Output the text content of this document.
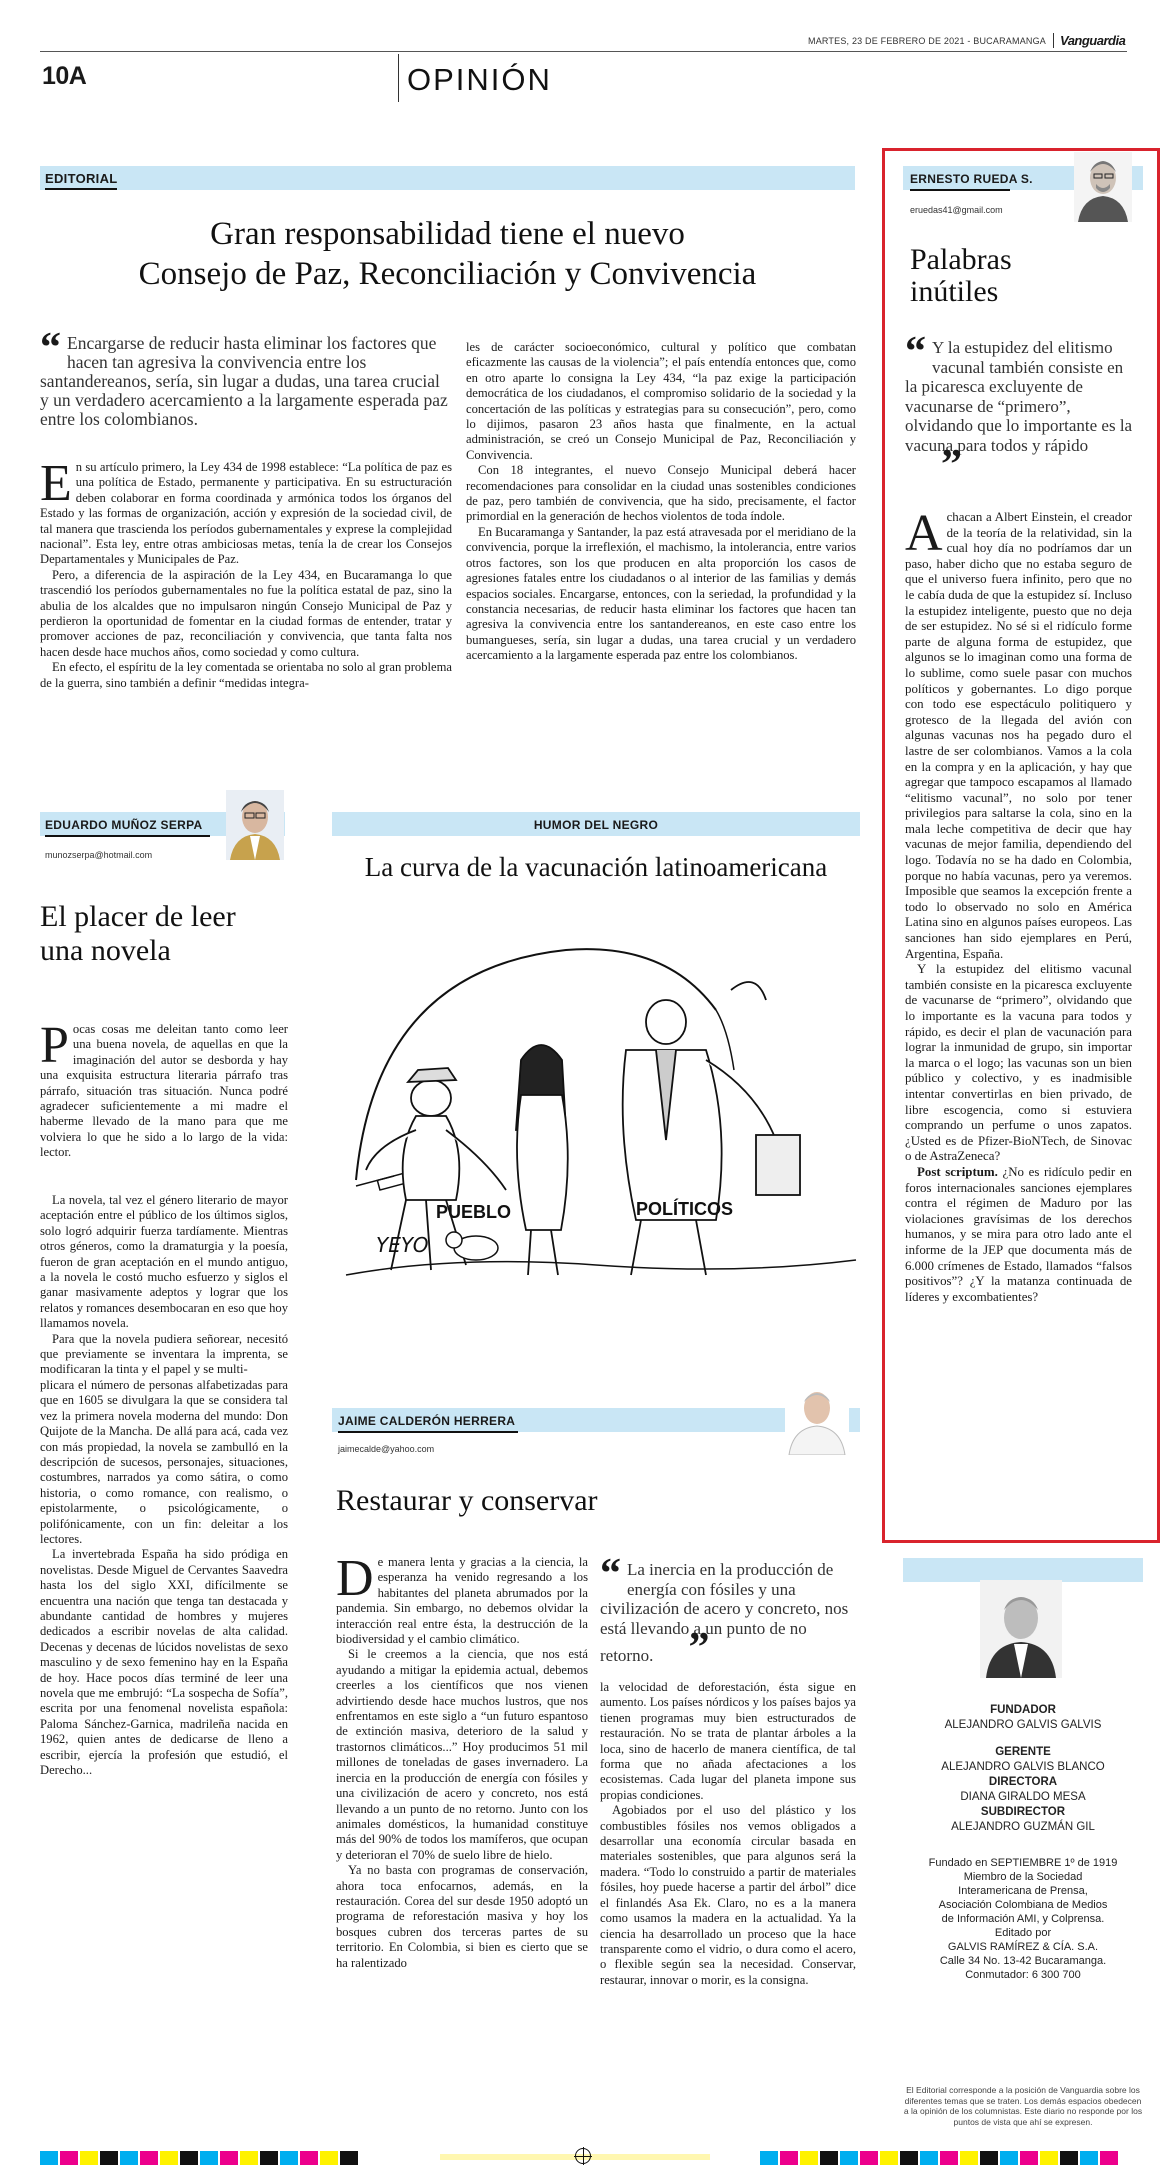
MARTES, 23 DE FEBRERO DE 2021 - BUCARAMANGA	Vanguardia
10A	OPINIÓN
EDITORIAL
Gran responsabilidad tiene el nuevo
Consejo de Paz, Reconciliación y Convivencia
“ Encargarse de reducir hasta eliminar los factores que hacen tan agresiva la convivencia entre los santandereanos, sería, sin lugar a dudas, una tarea crucial y un verdadero acercamiento a la largamente esperada paz entre los colombianos.

En su artículo primero, la Ley 434 de 1998 establece: “La política de paz es una política de Estado, permanente y participativa. En su estructuración deben colaborar en forma coordinada y armónica todos los órganos del Estado y las formas de organización, acción y expresión de la sociedad civil, de tal manera que trascienda los períodos gubernamentales y exprese la complejidad nacional”. Esta ley, entre otras ambiciosas metas, tenía la de crear los Consejos Departamentales y Municipales de Paz.

Pero, a diferencia de la aspiración de la Ley 434, en Bucaramanga lo que trascendió los períodos gubernamentales no fue la política estatal de paz, sino la abulia de los alcaldes que no impulsaron ningún Consejo Municipal de Paz y perdieron la oportunidad de fomentar en la ciudad formas de entender, tratar y promover acciones de paz, reconciliación y convivencia, que tanta falta nos hacen desde hace muchos años, como sociedad y como cultura.

En efecto, el espíritu de la ley comentada se orientaba no solo al gran problema de la guerra, sino también a definir “medidas integra-

les de carácter socioeconómico, cultural y político que combatan eficazmente las causas de la violencia”; el país entendía entonces que, como en otro aparte lo consigna la Ley 434, “la paz exige la participación democrática de los ciudadanos, el compromiso solidario de la sociedad y la concertación de las políticas y estrategias para su consecución”, pero, como lo dijimos, pasaron 23 años hasta que finalmente, en la actual administración, se creó un Consejo Municipal de Paz, Reconciliación y Convivencia.

Con 18 integrantes, el nuevo Consejo Municipal deberá hacer recomendaciones para consolidar en la ciudad unas sostenibles condiciones de paz, pero también de convivencia, que ha sido, precisamente, el factor primordial en la generación de hechos violentos de toda índole.

En Bucaramanga y Santander, la paz está atravesada por el meridiano de la convivencia, porque la irreflexión, el machismo, la intolerancia, entre varios otros factores, son los que producen en alta proporción los casos de agresiones fatales entre los ciudadanos o al interior de las familias y demás espacios sociales. Encargarse, entonces, con la seriedad, la profundidad y la constancia necesarias, de reducir hasta eliminar los factores que hacen tan agresiva la convivencia entre los santandereanos, en este caso entre los bumangueses, sería, sin lugar a dudas, una tarea crucial y un verdadero acercamiento a la largamente esperada paz entre los colombianos.

ERNESTO RUEDA S.
eruedas41@gmail.com
Palabras
inútiles
“ Y la estupidez del elitismo vacunal también consiste en la picaresca excluyente de vacunarse de “primero”, olvidando que lo importante es la vacuna para todos y rápido ”

Achacan a Albert Einstein, el creador de la teoría de la relatividad, sin la cual hoy día no podríamos dar un paso, haber dicho que no estaba seguro de que el universo fuera infinito, pero que no le cabía duda de que la estupidez sí. Incluso la estupidez inteligente, puesto que no deja de ser estupidez. No sé si el ridículo forme parte de alguna forma de estupidez, que algunos se lo imaginan como una forma de lo sublime, como suele pasar con muchos políticos y gobernantes. Lo digo porque con todo ese espectáculo politiquero y grotesco de la llegada del avión con algunas vacunas nos ha pegado duro el lastre de ser colombianos. Vamos a la cola en la compra y en la aplicación, y hay que agregar que tampoco escapamos al llamado “elitismo vacunal”, no solo por tener privilegios para saltarse la cola, sino en la mala leche competitiva de decir que hay vacunas de mejor familia, dependiendo del logo. Todavía no se ha dado en Colombia, porque no había vacunas, pero ya veremos. Imposible que seamos la excepción frente a todo lo observado no solo en América Latina sino en algunos países europeos. Las sanciones han sido ejemplares en Perú, Argentina, España.

Y la estupidez del elitismo vacunal también consiste en la picaresca excluyente de vacunarse de “primero”, olvidando que lo importante es la vacuna para todos y rápido, es decir el plan de vacunación para lograr la inmunidad de grupo, sin importar la marca o el logo; las vacunas son un bien público y colectivo, y es inadmisible intentar convertirlas en bien privado, de libre escogencia, como si estuviera comprando un perfume o unos zapatos. ¿Usted es de Pfizer-BioNTech, de Sinovac o de AstraZeneca?

Post scriptum. ¿No es ridículo pedir en foros internacionales sanciones ejemplares contra el régimen de Maduro por las violaciones gravísimas de los derechos humanos, y se mira para otro lado ante el informe de la JEP que documenta más de 6.000 crímenes de Estado, llamados “falsos positivos”? ¿Y la matanza continuada de líderes y excombatientes?

EDUARDO MUÑOZ SERPA
munozserpa@hotmail.com
El placer de leer
una novela

Pocas cosas me deleitan tanto como leer una buena novela, de aquellas en que la imaginación del autor se desborda y hay una exquisita estructura literaria párrafo tras párrafo, situación tras situación. Nunca podré agradecer suficientemente a mi madre el haberme llevado de la mano para que me volviera lo que he sido a lo largo de la vida: lector.

La novela, tal vez el género literario de mayor aceptación entre el público de los últimos siglos, solo logró adquirir fuerza tardíamente. Mientras otros géneros, como la dramaturgia y la poesía, fueron de gran aceptación en el mundo antiguo, a la novela le costó mucho esfuerzo y siglos el ganar masivamente adeptos y lograr que los relatos y romances desembocaran en eso que hoy llamamos novela.

Para que la novela pudiera señorear, necesitó que previamente se inventara la imprenta, se modificaran la tinta y el papel y se multi-

plicara el número de personas alfabetizadas para que en 1605 se divulgara la que se considera tal vez la primera novela moderna del mundo: Don Quijote de la Mancha. De allá para acá, cada vez con más propiedad, la novela se zambulló en la descripción de sucesos, personajes, situaciones, costumbres, narrados ya como sátira, o como historia, o como romance, con realismo, o epistolarmente, o psicológicamente, o polifónicamente, con un fin: deleitar a los lectores.

La invertebrada España ha sido pródiga en novelistas. Desde Miguel de Cervantes Saavedra hasta los del siglo XXI, difícilmente se encuentra una nación que tenga tan destacada y abundante cantidad de hombres y mujeres dedicados a escribir novelas de alta calidad. Decenas y decenas de lúcidos novelistas de sexo masculino y de sexo femenino hay en la España de hoy. Hace pocos días terminé de leer una novela que me embrujó: “La sospecha de Sofía”, escrita por una fenomenal novelista española: Paloma Sánchez-Garnica, madrileña nacida en 1962, quien antes de dedicarse de lleno a escribir, ejercía la profesión que estudió, el Derecho...

HUMOR DEL NEGRO
La curva de la vacunación latinoamericana
YEYO
PUEBLO	POLÍTICOS
JAIME CALDERÓN HERRERA
jaimecalde@yahoo.com
Restaurar y conservar

De manera lenta y gracias a la ciencia, la esperanza ha venido regresando a los habitantes del planeta abrumados por la pandemia. Sin embargo, no debemos olvidar la interacción real entre ésta, la destrucción de la biodiversidad y el cambio climático.

Si le creemos a la ciencia, que nos está ayudando a mitigar la epidemia actual, debemos creerles a los científicos que nos vienen advirtiendo desde hace muchos lustros, que nos enfrentamos en este siglo a “un futuro espantoso de extinción masiva, deterioro de la salud y trastornos climáticos...” Hoy producimos 51 mil millones de toneladas de gases invernadero. La inercia en la producción de energía con fósiles y una civilización de acero y concreto, nos está llevando a un punto de no retorno. Junto con los animales domésticos, la humanidad constituye más del 90% de todos los mamíferos, que ocupan y deterioran el 70% de suelo libre de hielo.

Ya no basta con programas de conservación, ahora toca enfocarnos, además, en la restauración. Corea del sur desde 1950 adoptó un programa de reforestación masiva y hoy los bosques cubren dos terceras partes de su territorio. En Colombia, si bien es cierto que se ha ralentizado

“ La inercia en la producción de energía con fósiles y una civilización de acero y concreto, nos está llevando a un punto de no retorno. ”

la velocidad de deforestación, ésta sigue en aumento. Los países nórdicos y los países bajos ya tienen programas muy bien estructurados de restauración. No se trata de plantar árboles a la loca, sino de hacerlo de manera científica, de tal forma que no añada afectaciones a los ecosistemas. Cada lugar del planeta impone sus propias condiciones.

Agobiados por el uso del plástico y los combustibles fósiles nos vemos obligados a desarrollar una economía circular basada en materiales sostenibles, que para algunos será la madera. “Todo lo construido a partir de materiales fósiles, hoy puede hacerse a partir del árbol” dice el finlandés Asa Ek. Claro, no es a la manera como usamos la madera en la actualidad. Ya la ciencia ha desarrollado un proceso que la hace transparente como el vidrio, o dura como el acero, o flexible según sea la necesidad. Conservar, restaurar, innovar o morir, es la consigna.

FUNDADOR
ALEJANDRO GALVIS GALVIS
GERENTE
ALEJANDRO GALVIS BLANCO
DIRECTORA
DIANA GIRALDO MESA
SUBDIRECTOR
ALEJANDRO GUZMÁN GIL
Fundado en SEPTIEMBRE 1º de 1919
Miembro de la Sociedad
Interamericana de Prensa,
Asociación Colombiana de Medios
de Información AMI, y Colprensa.
Editado por
GALVIS RAMÍREZ & CÍA. S.A.
Calle 34 No. 13-42 Bucaramanga.
Conmutador: 6 300 700
El Editorial corresponde a la posición de Vanguardia sobre los diferentes temas que se traten. Los demás espacios obedecen a la opinión de los columnistas. Este diario no responde por los puntos de vista que ahí se expresen.
